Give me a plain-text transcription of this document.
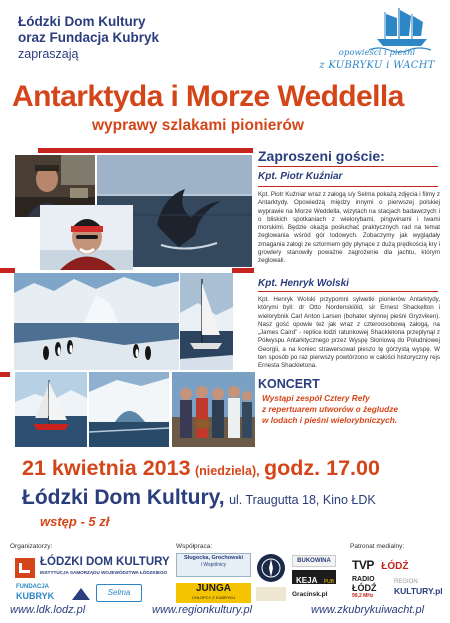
Łódzki Dom Kultury
oraz Fundacja Kubryk
zapraszają	opowieści i pieśni
z KUBRYKU i WACHT
Antarktyda i Morze Weddella
wyprawy szlakami pionierów
Zaproszeni goście:
Kpt. Piotr Kuźniar
Kpt. Piotr Kuźniar wraz z załogą s/y Selma pokażą zdjęcia i filmy z Antarktydy. Opowiedzą między innymi o pierwszej polskiej wyprawie na Morze Weddella, wizytach na stacjach badawczych i o bliskich spotkaniach z wielorybami, pingwinami i lwami morskimi. Będzie okazja posłuchać praktycznych rad na temat żeglowania wśród gór lodowych. Zobaczymy jak wyglądały zmagania załogi ze sztormem gdy płynące z dużą prędkością kry i growlery stanowiły poważne zagrożenie dla jachtu, którym żeglowali.
Kpt. Henryk Wolski
Kpt. Henryk Wolski przypomni sylwetki pionierów Antarktydy, którymi byli: dr Otto Nordenskiöld, sir Ernest Shackelton i wielorybnik Carl Anton Larsen (bohater słynnej pieśni Gryzviken). Nasz gość opowie też jak wraz z czteroosobową załogą, na „James Caird” - replice łodzi ratunkowej Shackletona przepłynął z Półwyspu Antarktycznego przez Wyspę Słoniową do Południowej Georgii, a na koniec strawersował pieszo tę górzystą wyspę. W ten sposób po raz pierwszy powtórzono w całości historyczny rejs Ernesta Shackletona.
KONCERT
Wystąpi zespół Cztery Refy
z repertuarem utworów o żegludze
w lodach i pieśni wielorybniczych.
21 kwietnia 2013 (niedziela), godz. 17.00
Łódzki Dom Kultury, ul. Traugutta 18, Kino ŁDK
wstęp - 5 zł
Organizatorzy:	Współpraca:	Patronat medialny:
ŁÓDZKI DOM KULTURY
INSTYTUCJA SAMORZĄDU WOJEWÓDZTWA ŁÓDZKIEGO
FUNDACJA
KUBRYK	Selma
Sługocka, Grochowski
i Wspólnicy
JUNGA
CHŁOPCY Z KUBRYKU
BUKOWINA
KEJA PUB
Gracinsk.pl
TVP ŁÓDŹ
RADIO
ŁÓDŹ
99,2 MHz
REGION
KULTURY.pl
www.ldk.lodz.pl	www.regionkultury.pl	www.zkubrykuiwacht.pl
